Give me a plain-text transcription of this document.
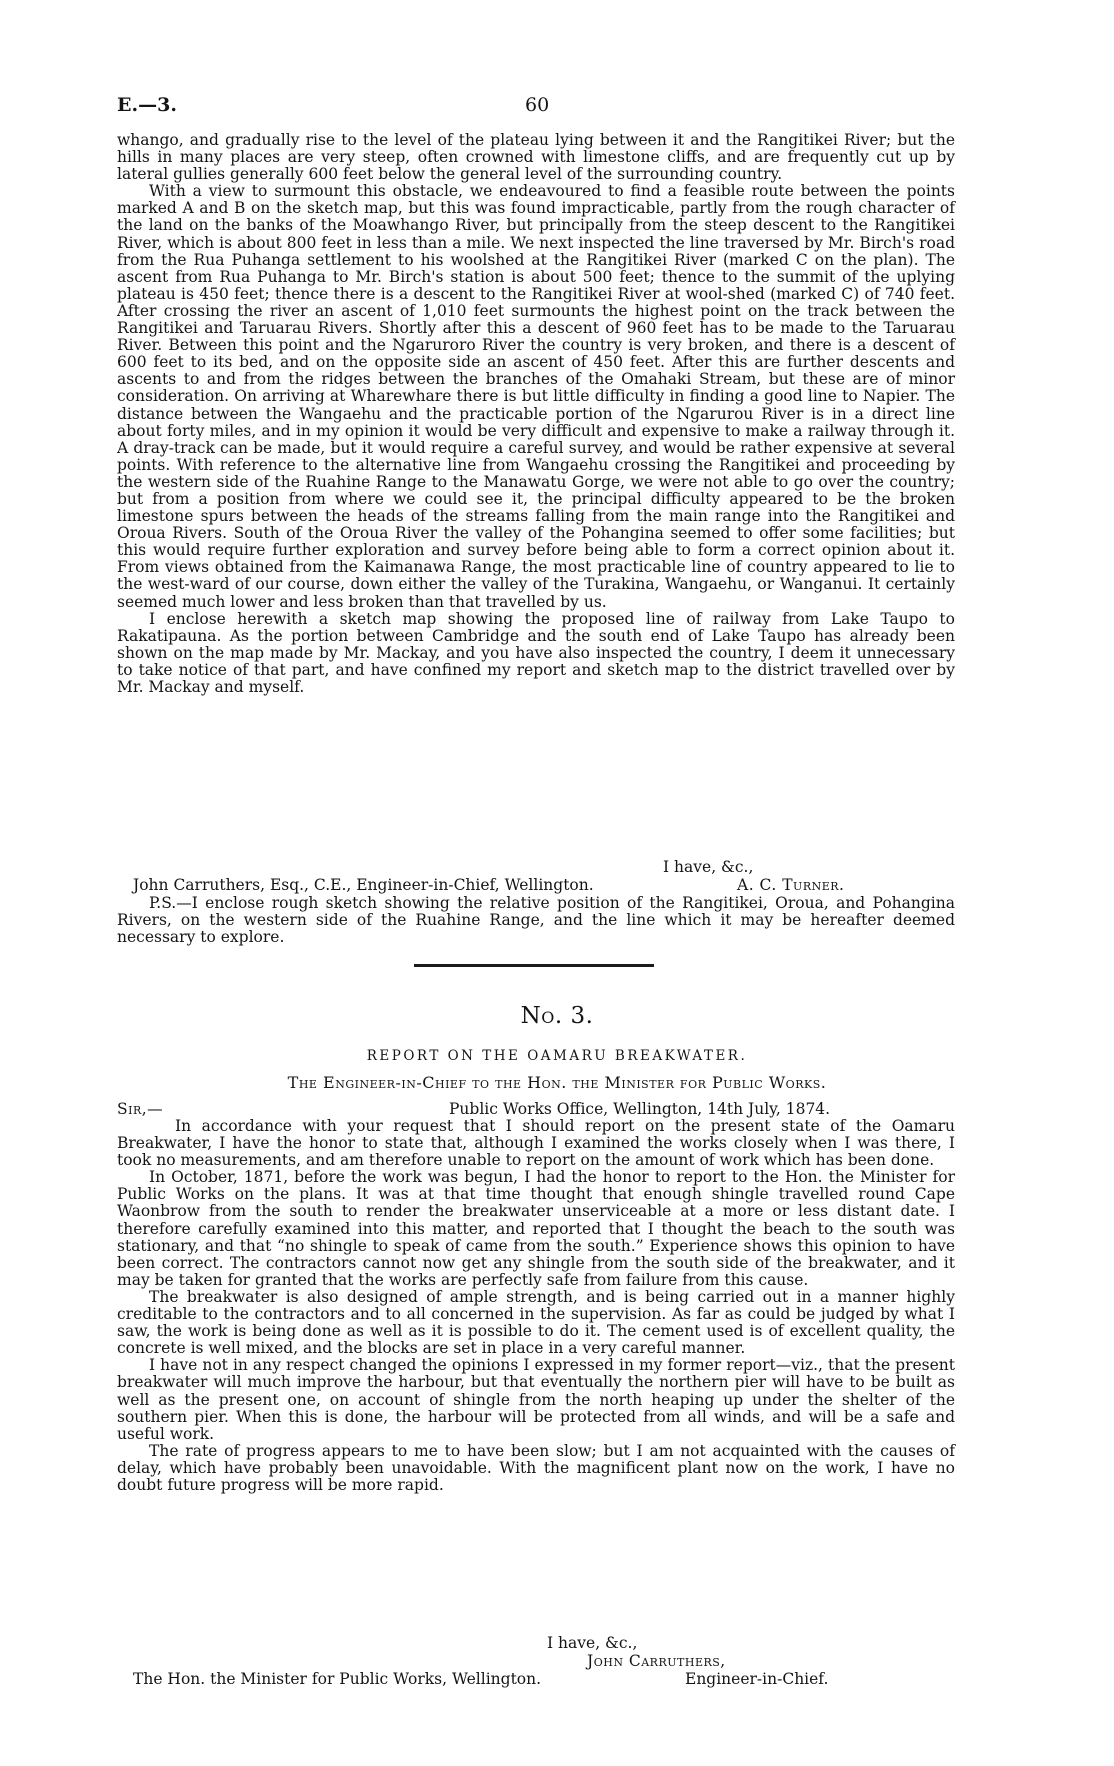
E.—3.	60

whango, and gradually rise to the level of the plateau lying between it and the Rangitikei River; but the hills in many places are very steep, often crowned with limestone cliffs, and are frequently cut up by lateral gullies generally 600 feet below the general level of the surrounding country.

With a view to surmount this obstacle, we endeavoured to find a feasible route between the points marked A and B on the sketch map, but this was found impracticable, partly from the rough character of the land on the banks of the Moawhango River, but principally from the steep descent to the Rangitikei River, which is about 800 feet in less than a mile. We next inspected the line traversed by Mr. Birch's road from the Rua Puhanga settlement to his woolshed at the Rangitikei River (marked C on the plan). The ascent from Rua Puhanga to Mr. Birch's station is about 500 feet; thence to the summit of the uplying plateau is 450 feet; thence there is a descent to the Rangitikei River at wool-shed (marked C) of 740 feet. After crossing the river an ascent of 1,010 feet surmounts the highest point on the track between the Rangitikei and Taruarau Rivers. Shortly after this a descent of 960 feet has to be made to the Taruarau River. Between this point and the Ngaruroro River the country is very broken, and there is a descent of 600 feet to its bed, and on the opposite side an ascent of 450 feet. After this are further descents and ascents to and from the ridges between the branches of the Omahaki Stream, but these are of minor consideration. On arriving at Wharewhare there is but little difficulty in finding a good line to Napier. The distance between the Wangaehu and the practicable portion of the Ngarurou River is in a direct line about forty miles, and in my opinion it would be very difficult and expensive to make a railway through it. A dray-track can be made, but it would require a careful survey, and would be rather expensive at several points. With reference to the alternative line from Wangaehu crossing the Rangitikei and proceeding by the western side of the Ruahine Range to the Manawatu Gorge, we were not able to go over the country; but from a position from where we could see it, the principal difficulty appeared to be the broken limestone spurs between the heads of the streams falling from the main range into the Rangitikei and Oroua Rivers. South of the Oroua River the valley of the Pohangina seemed to offer some facilities; but this would require further exploration and survey before being able to form a correct opinion about it. From views obtained from the Kaimanawa Range, the most practicable line of country appeared to lie to the west-ward of our course, down either the valley of the Turakina, Wangaehu, or Wanganui. It certainly seemed much lower and less broken than that travelled by us.

I enclose herewith a sketch map showing the proposed line of railway from Lake Taupo to Rakatipauna. As the portion between Cambridge and the south end of Lake Taupo has already been shown on the map made by Mr. Mackay, and you have also inspected the country, I deem it unnecessary to take notice of that part, and have confined my report and sketch map to the district travelled over by Mr. Mackay and myself.

I have, &c.,
John Carruthers, Esq., C.E., Engineer-in-Chief, Wellington.	A. C. Turner.

P.S.—I enclose rough sketch showing the relative position of the Rangitikei, Oroua, and Pohangina Rivers, on the western side of the Ruahine Range, and the line which it may be hereafter deemed necessary to explore.

No. 3.
REPORT ON THE OAMARU BREAKWATER.
The Engineer-in-Chief to the Hon. the Minister for Public Works.
Sir,—	Public Works Office, Wellington, 14th July, 1874.

In accordance with your request that I should report on the present state of the Oamaru Breakwater, I have the honor to state that, although I examined the works closely when I was there, I took no measurements, and am therefore unable to report on the amount of work which has been done.

In October, 1871, before the work was begun, I had the honor to report to the Hon. the Minister for Public Works on the plans. It was at that time thought that enough shingle travelled round Cape Waonbrow from the south to render the breakwater unserviceable at a more or less distant date. I therefore carefully examined into this matter, and reported that I thought the beach to the south was stationary, and that “no shingle to speak of came from the south.” Experience shows this opinion to have been correct. The contractors cannot now get any shingle from the south side of the breakwater, and it may be taken for granted that the works are perfectly safe from failure from this cause.

The breakwater is also designed of ample strength, and is being carried out in a manner highly creditable to the contractors and to all concerned in the supervision. As far as could be judged by what I saw, the work is being done as well as it is possible to do it. The cement used is of excellent quality, the concrete is well mixed, and the blocks are set in place in a very careful manner.

I have not in any respect changed the opinions I expressed in my former report—viz., that the present breakwater will much improve the harbour, but that eventually the northern pier will have to be built as well as the present one, on account of shingle from the north heaping up under the shelter of the southern pier. When this is done, the harbour will be protected from all winds, and will be a safe and useful work.

The rate of progress appears to me to have been slow; but I am not acquainted with the causes of delay, which have probably been unavoidable. With the magnificent plant now on the work, I have no doubt future progress will be more rapid.

I have, &c.,
John Carruthers,
The Hon. the Minister for Public Works, Wellington.	Engineer-in-Chief.
